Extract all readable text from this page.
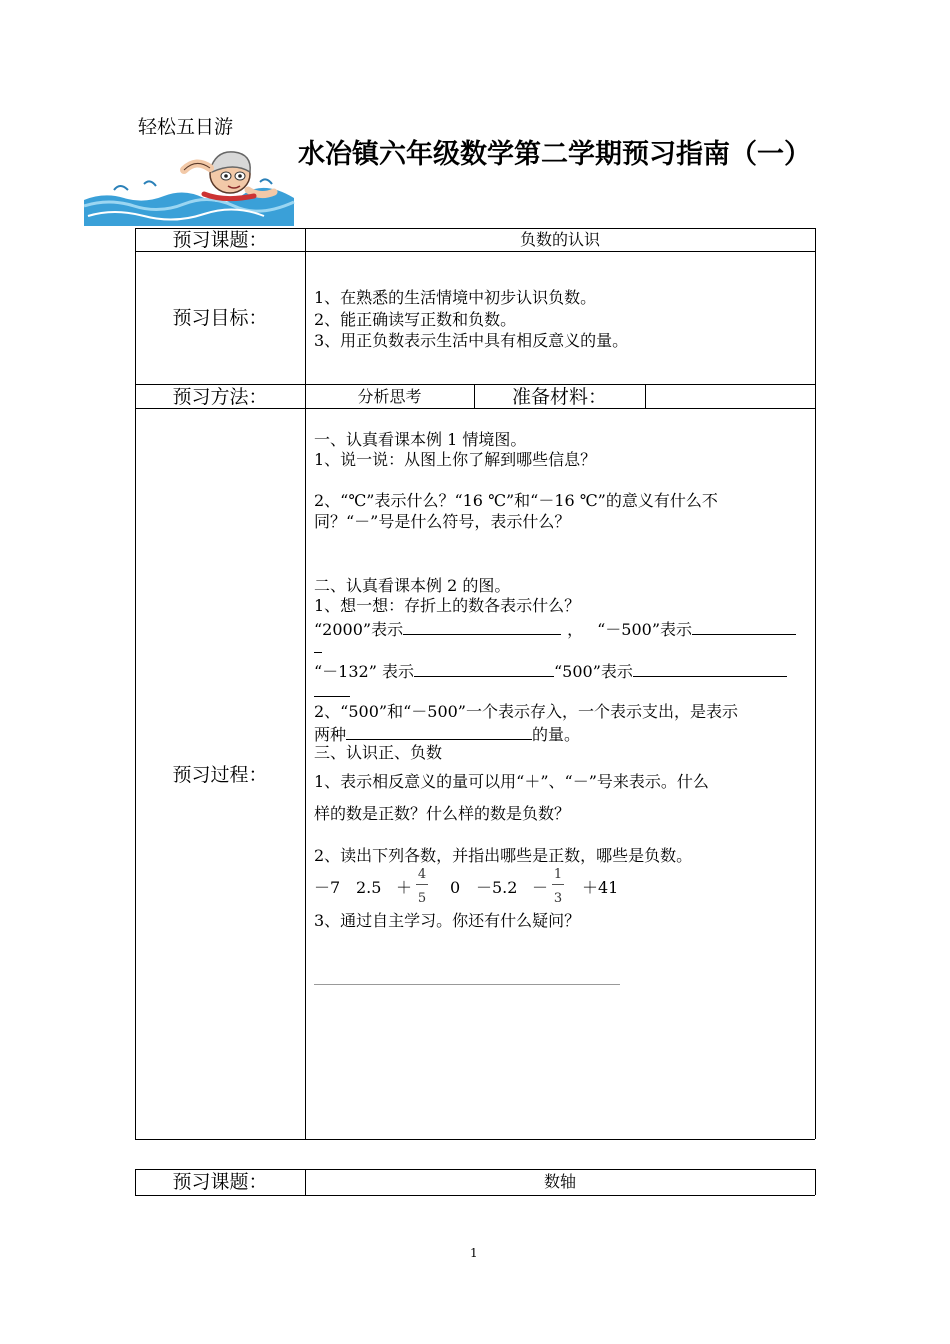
轻松五日游
水冶镇六年级数学第二学期预习指南（一）
预习课题：	负数的认识
预习目标：
1、在熟悉的生活情境中初步认识负数。
2、能正确读写正数和负数。
3、用正负数表示生活中具有相反意义的量。
预习方法：	分析思考	准备材料：
预习过程：
一、认真看课本例 1 情境图。
1、说一说：从图上你了解到哪些信息？
2、“℃”表示什么？“16 ℃”和“－16 ℃”的意义有什么不
同？“－”号是什么符号，表示什么？
二、认真看课本例 2 的图。
1、想一想：存折上的数各表示什么？
“2000”表示	， “－500”表示
“－132” 表示	“500”表示
2、“500”和“－500”一个表示存入，一个表示支出，是表示
两种	的量。
三、认识正、负数
1、表示相反意义的量可以用“＋”、“－”号来表示。什么
样的数是正数？什么样的数是负数？
2、读出下列各数，并指出哪些是正数，哪些是负数。
－7 2.5 ＋
4
5
0 －5.2 －
1
3
＋41
3、通过自主学习。你还有什么疑问？
预习课题：	数轴
1
